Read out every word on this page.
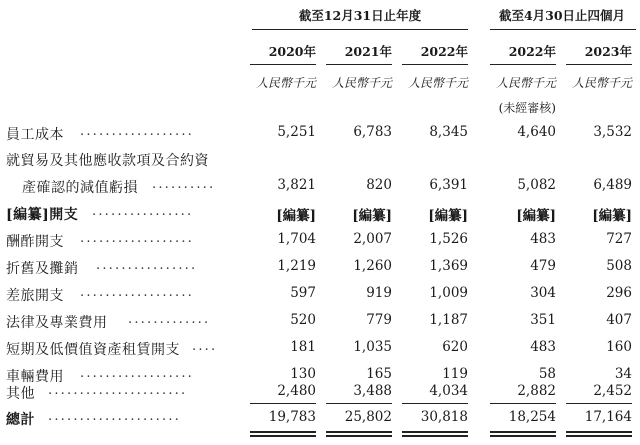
截至12月31日止年度	截至4月30日止四個月
2020年	2021年	2022年	2022年	2023年
人民幣千元	人民幣千元	人民幣千元	人民幣千元	人民幣千元
(未經審核)
員工成本 ..................	5,251	6,783	8,345	4,640	3,532
就貿易及其他應收款項及合約資
產確認的減值虧損 ..........	3,821	820	6,391	5,082	6,489
[編纂]開支 ................	[編纂]	[編纂]	[編纂]	[編纂]	[編纂]
酬酢開支 ..................	1,704	2,007	1,526	483	727
折舊及攤銷 ................	1,219	1,260	1,369	479	508
差旅開支 ..................	597	919	1,009	304	296
法律及專業費用 .............	520	779	1,187	351	407
短期及低價值資產租賃開支 ....	181	1,035	620	483	160
車輛費用 ..................	130	165	119	58	34
其他 ......................	2,480	3,488	4,034	2,882	2,452
總計 .....................	19,783	25,802	30,818	18,254	17,164
